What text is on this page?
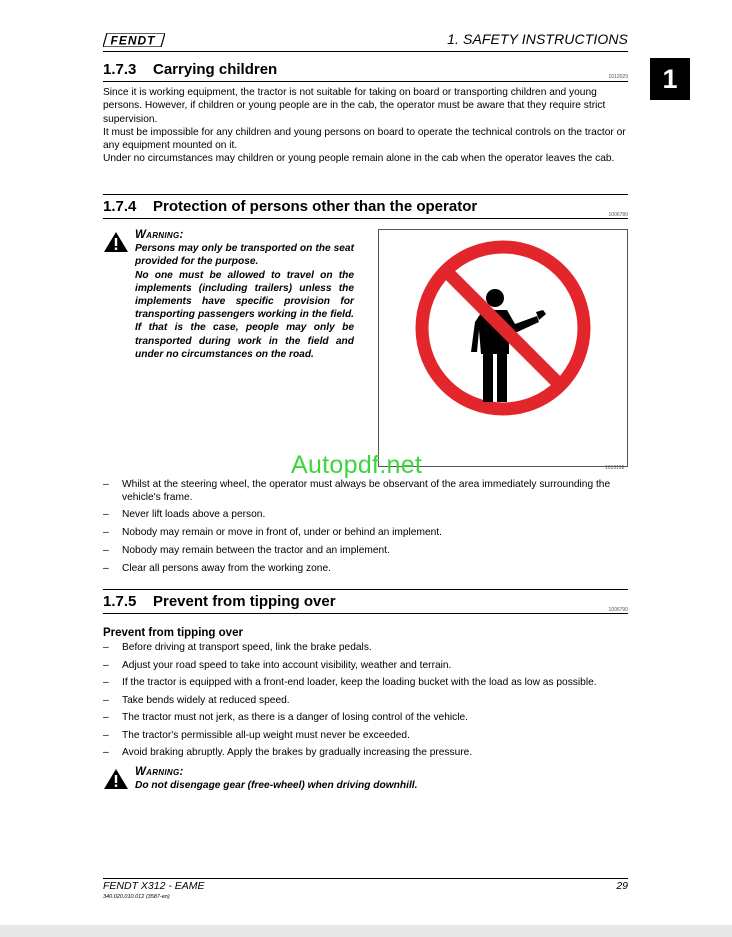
FENDT	1. SAFETY INSTRUCTIONS
1
1.7.3 Carrying children	1012029

Since it is working equipment, the tractor is not suitable for taking on board or transporting children and young persons. However, if children or young people are in the cab, the operator must be aware that they require strict supervision.

It must be impossible for any children and young persons on board to operate the technical controls on the tractor or any equipment mounted on it.

Under no circumstances may children or young people remain alone in the cab when the operator leaves the cab.

1.7.4 Protection of persons other than the operator	1006780
Warning:
Persons may only be transported on the seat provided for the purpose.
No one must be allowed to travel on the implements (including trailers) unless the implements have specific provision for transporting passengers working in the field. If that is the case, people may only be transported during work in the field and under no circumstances on the road.
1019198
– Whilst at the steering wheel, the operator must always be observant of the area immediately surrounding the vehicle's frame.
– Never lift loads above a person.
– Nobody may remain or move in front of, under or behind an implement.
– Nobody may remain between the tractor and an implement.
– Clear all persons away from the working zone.
1.7.5 Prevent from tipping over	1006790
Prevent from tipping over
– Before driving at transport speed, link the brake pedals.
– Adjust your road speed to take into account visibility, weather and terrain.
– If the tractor is equipped with a front-end loader, keep the loading bucket with the load as low as possible.
– Take bends widely at reduced speed.
– The tractor must not jerk, as there is a danger of losing control of the vehicle.
– The tractor's permissible all-up weight must never be exceeded.
– Avoid braking abruptly. Apply the brakes by gradually increasing the pressure.
Warning:
Do not disengage gear (free-wheel) when driving downhill.
Autopdf.net
FENDT X312 - EAME
340.020.010.012 (3587-en)
29
